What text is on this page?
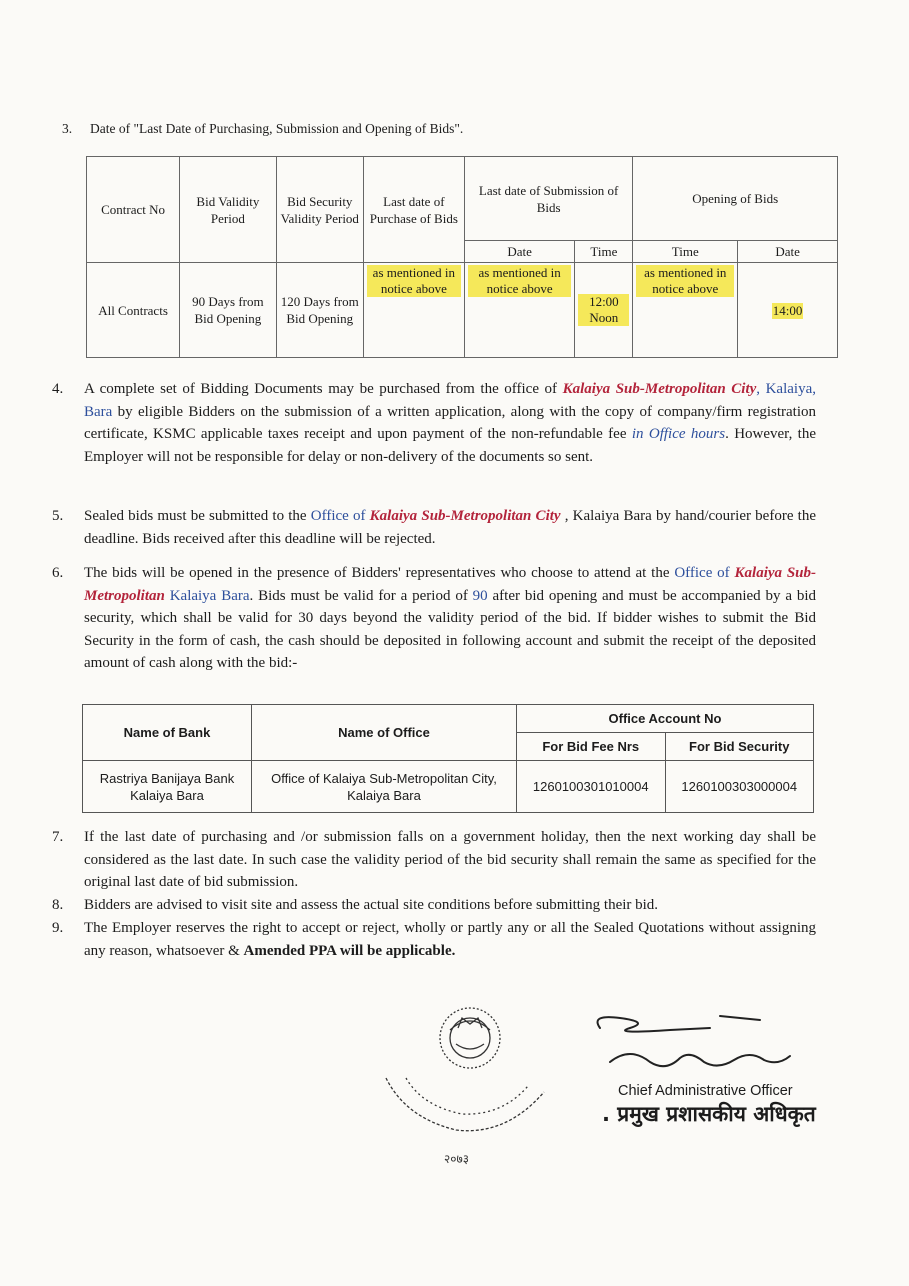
3. Date of "Last Date of Purchasing, Submission and Opening of Bids".
Contract No	Bid Validity Period	Bid Security Validity Period	Last date of Purchase of Bids	Last date of Submission of Bids		Opening of Bids	
				Date	Time	Time	Date
All Contracts	90 Days from Bid Opening	120 Days from Bid Opening	as mentioned in notice above	as mentioned in notice above	12:00 Noon	as mentioned in notice above	14:00
4. A complete set of Bidding Documents may be purchased from the office of Kalaiya Sub-Metropolitan City, Kalaiya, Bara by eligible Bidders on the submission of a written application, along with the copy of company/firm registration certificate, KSMC applicable taxes receipt and upon payment of the non-refundable fee in Office hours. However, the Employer will not be responsible for delay or non-delivery of the documents so sent.
5. Sealed bids must be submitted to the Office of Kalaiya Sub-Metropolitan City , Kalaiya Bara by hand/courier before the deadline. Bids received after this deadline will be rejected.
6. The bids will be opened in the presence of Bidders' representatives who choose to attend at the Office of Kalaiya Sub-Metropolitan Kalaiya Bara. Bids must be valid for a period of 90 after bid opening and must be accompanied by a bid security, which shall be valid for 30 days beyond the validity period of the bid. If bidder wishes to submit the Bid Security in the form of cash, the cash should be deposited in following account and submit the receipt of the deposited amount of cash along with the bid:-
Name of Bank	Name of Office	Office Account No	
		For Bid Fee Nrs	For Bid Security
Rastriya Banijaya Bank Kalaiya Bara	Office of Kalaiya Sub-Metropolitan City, Kalaiya Bara	1260100301010004	1260100303000004
7. If the last date of purchasing and /or submission falls on a government holiday, then the next working day shall be considered as the last date. In such case the validity period of the bid security shall remain the same as specified for the original last date of bid submission.
8. Bidders are advised to visit site and assess the actual site conditions before submitting their bid.
9. The Employer reserves the right to accept or reject, wholly or partly any or all the Sealed Quotations without assigning any reason, whatsoever & Amended PPA will be applicable.
२०७३
Chief Administrative Officer
. प्रमुख प्रशासकीय अधिकृत
